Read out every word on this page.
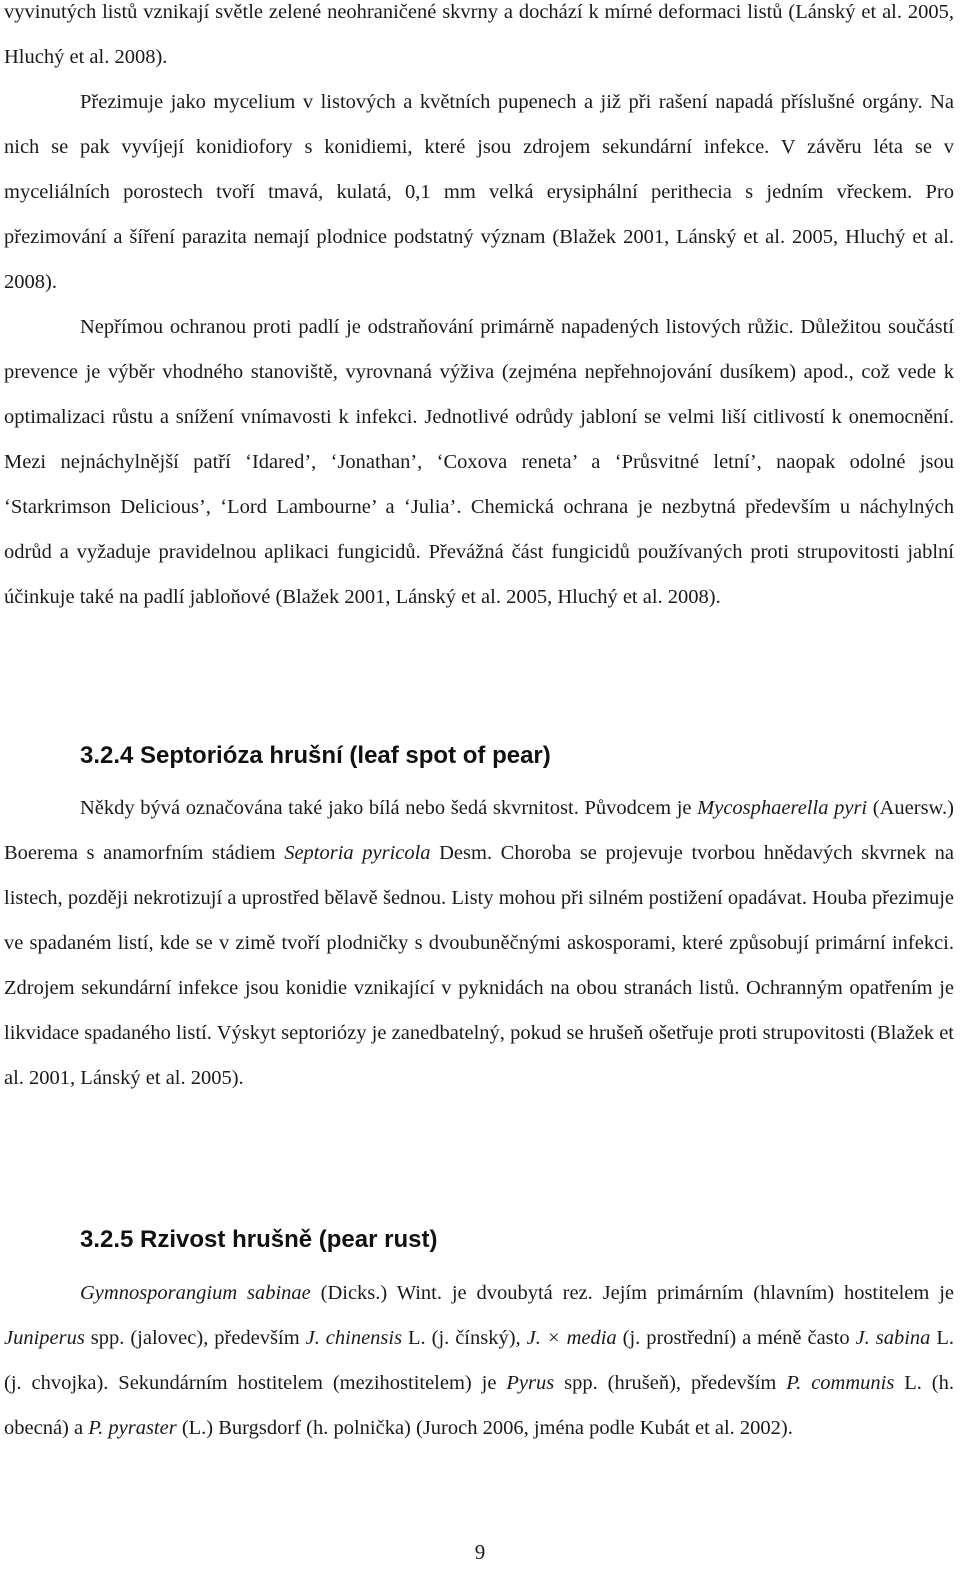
vyvinutých listů vznikají světle zelené neohraničené skvrny a dochází k mírné deformaci listů (Lánský et al. 2005, Hluchý et al. 2008).

Přezimuje jako mycelium v listových a květních pupenech a již při rašení napadá příslušné orgány. Na nich se pak vyvíjejí konidiofory s konidiemi, které jsou zdrojem sekundární infekce. V závěru léta se v myceliálních porostech tvoří tmavá, kulatá, 0,1 mm velká erysiphální perithecia s jedním vřeckem. Pro přezimování a šíření parazita nemají plodnice podstatný význam (Blažek 2001, Lánský et al. 2005, Hluchý et al. 2008).

Nepřímou ochranou proti padlí je odstraňování primárně napadených listových růžic. Důležitou součástí prevence je výběr vhodného stanoviště, vyrovnaná výživa (zejména nepřehnojování dusíkem) apod., což vede k optimalizaci růstu a snížení vnímavosti k infekci. Jednotlivé odrůdy jabloní se velmi liší citlivostí k onemocnění. Mezi nejnáchylnější patří ‘Idared’, ‘Jonathan’, ‘Coxova reneta’ a ‘Průsvitné letní’, naopak odolné jsou ‘Starkrimson Delicious’, ‘Lord Lambourne’ a ‘Julia’. Chemická ochrana je nezbytná především u náchylných odrůd a vyžaduje pravidelnou aplikaci fungicidů. Převážná část fungicidů používaných proti strupovitosti jablní účinkuje také na padlí jabloňové (Blažek 2001, Lánský et al. 2005, Hluchý et al. 2008).

3.2.4 Septorióza hrušní (leaf spot of pear)

Někdy bývá označována také jako bílá nebo šedá skvrnitost. Původcem je Mycosphaerella pyri (Auersw.) Boerema s anamorfním stádiem Septoria pyricola Desm. Choroba se projevuje tvorbou hnědavých skvrnek na listech, později nekrotizují a uprostřed bělavě šednou. Listy mohou při silném postižení opadávat. Houba přezimuje ve spadaném listí, kde se v zimě tvoří plodničky s dvoubuněčnými askosporami, které způsobují primární infekci. Zdrojem sekundární infekce jsou konidie vznikající v pyknidách na obou stranách listů. Ochranným opatřením je likvidace spadaného listí. Výskyt septoriózy je zanedbatelný, pokud se hrušeň ošetřuje proti strupovitosti (Blažek et al. 2001, Lánský et al. 2005).

3.2.5 Rzivost hrušně (pear rust)

Gymnosporangium sabinae (Dicks.) Wint. je dvoubytá rez. Jejím primárním (hlavním) hostitelem je Juniperus spp. (jalovec), především J. chinensis L. (j. čínský), J. × media (j. prostřední) a méně často J. sabina L. (j. chvojka). Sekundárním hostitelem (mezihostitelem) je Pyrus spp. (hrušeň), především P. communis L. (h. obecná) a P. pyraster (L.) Burgsdorf (h. polnička) (Juroch 2006, jména podle Kubát et al. 2002).

9
